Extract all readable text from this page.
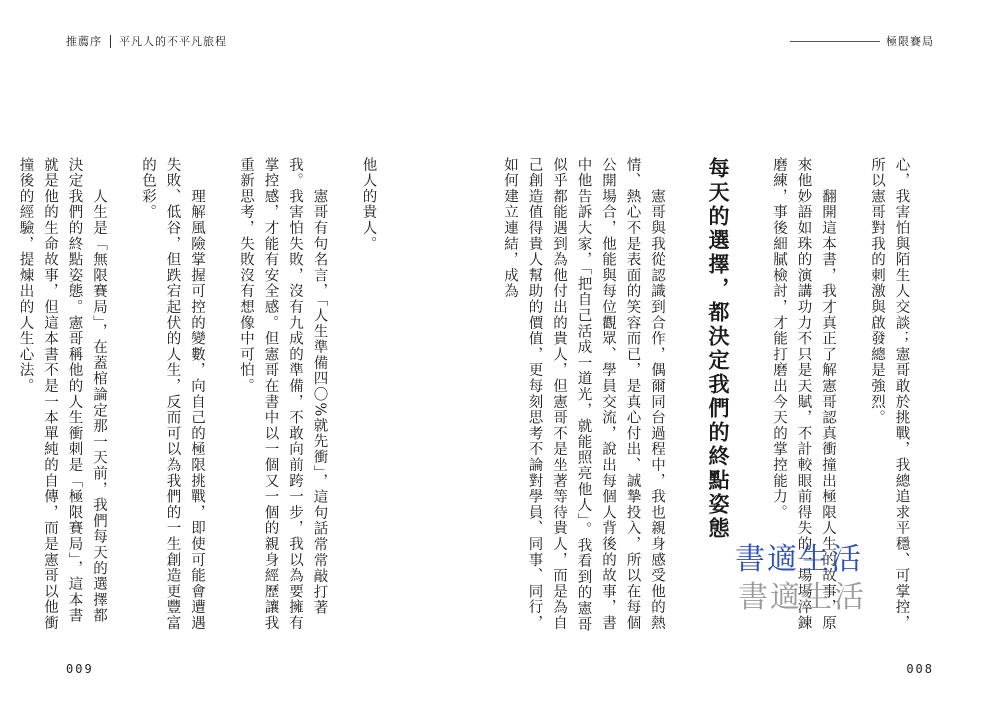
推薦序 平凡人的不平凡旅程	極限賽局

心，我害怕與陌生人交談；憲哥敢於挑戰，我總追求平穩、可掌控，所以憲哥對我的刺激與啟發總是強烈。

　　翻開這本書，我才真正了解憲哥認真衝撞出極限人生的故事，原來他妙語如珠的演講功力不只是天賦，不計較眼前得失的一場場淬鍊磨練，事後細膩檢討，才能打磨出今天的掌控能力。

每天的選擇，都決定我們的終點姿態

　　憲哥與我從認識到合作，偶爾同台過程中，我也親身感受他的熱情、熱心不是表面的笑容而已，是真心付出、誠摯投入，所以在每個公開場合，他能與每位觀眾、學員交流，說出每個人背後的故事，書中他告訴大家，「把自己活成一道光，就能照亮他人」。我看到的憲哥似乎都能遇到為他付出的貴人，但憲哥不是坐著等待貴人，而是為自己創造值得貴人幫助的價值，更每刻思考不論對學員、同事、同行，如何建立連結，成為

他人的貴人。

　　憲哥有句名言，「人生準備四〇%就先衝」，這句話常常敲打著我。我害怕失敗，沒有九成的準備，不敢向前跨一步，我以為要擁有掌控感，才能有安全感。但憲哥在書中以一個又一個的親身經歷讓我重新思考，失敗沒有想像中可怕。

　　理解風險掌握可控的變數，向自己的極限挑戰，即使可能會遭遇失敗、低谷，但跌宕起伏的人生，反而可以為我們的一生創造更豐富的色彩。

　　人生是「無限賽局」，在蓋棺論定那一天前，我們每天的選擇都決定我們的終點姿態。憲哥稱他的人生衝刺是「極限賽局」，這本書就是他的生命故事，但這本書不是一本單純的自傳，而是憲哥以他衝撞後的經驗，提煉出的人生心法。

書適生活
書適生活
009	008
